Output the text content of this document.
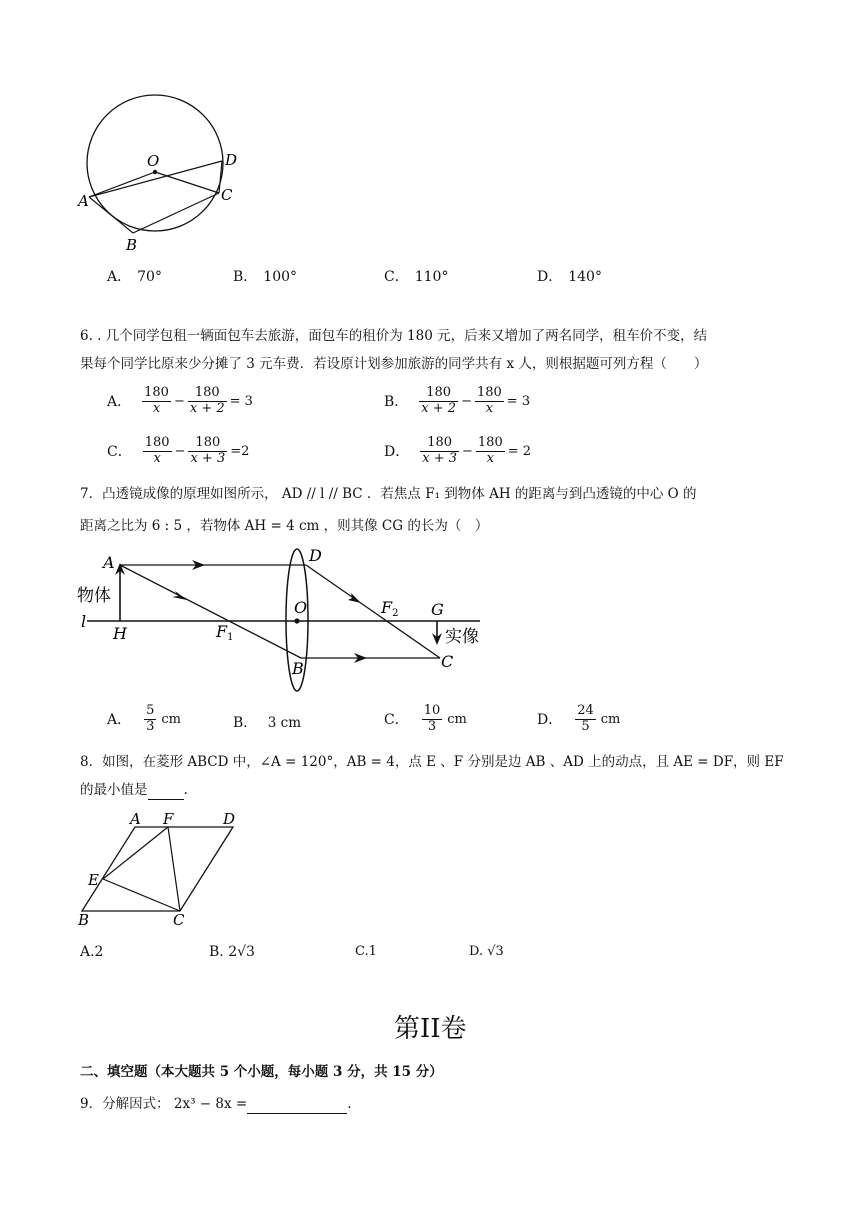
O	D
A	C
B
A． 70°	B． 100°	C． 110°	D． 140°
6. . 几个同学包租一辆面包车去旅游，面包车的租价为 180 元，后来又增加了两名同学，租车价不变，结
果每个同学比原来少分摊了 3 元车费．若设原计划参加旅游的同学共有 x 人，则根据题可列方程（　　）
A． $\frac{180}{x} - \frac{180}{x + 2} = 3$	B． $\frac{180}{x + 2} - \frac{180}{x} = 3$
C． $\frac{180}{x} - \frac{180}{x + 3} =2$	D． $\frac{180}{x + 3} - \frac{180}{x} = 2$
7．凸透镜成像的原理如图所示， AD // l // BC ．若焦点 F₁ 到物体 AH 的距离与到凸透镜的中心 O 的
距离之比为 6 : 5 ，若物体 AH = 4 cm ，则其像 CG 的长为（　）
A	D
物体
l
H	F1
O	F2 G
实像
B	C
A． $\frac{5}{3}$ cm	B． 3 cm	C． $\frac{10}{3}$ cm	D． $\frac{24}{5}$ cm
8．如图，在菱形 ABCD 中，∠A = 120°，AB = 4，点 E 、F 分别是边 AB 、AD 上的动点，且 AE = DF，则 EF
的最小值是	.
A F	D
E
B	C
A.2	B. 2√3	C.1	D. √3
第II卷
二、填空题（本大题共 5 个小题，每小题 3 分，共 15 分）
9．分解因式： 2x³ − 8x =	.
